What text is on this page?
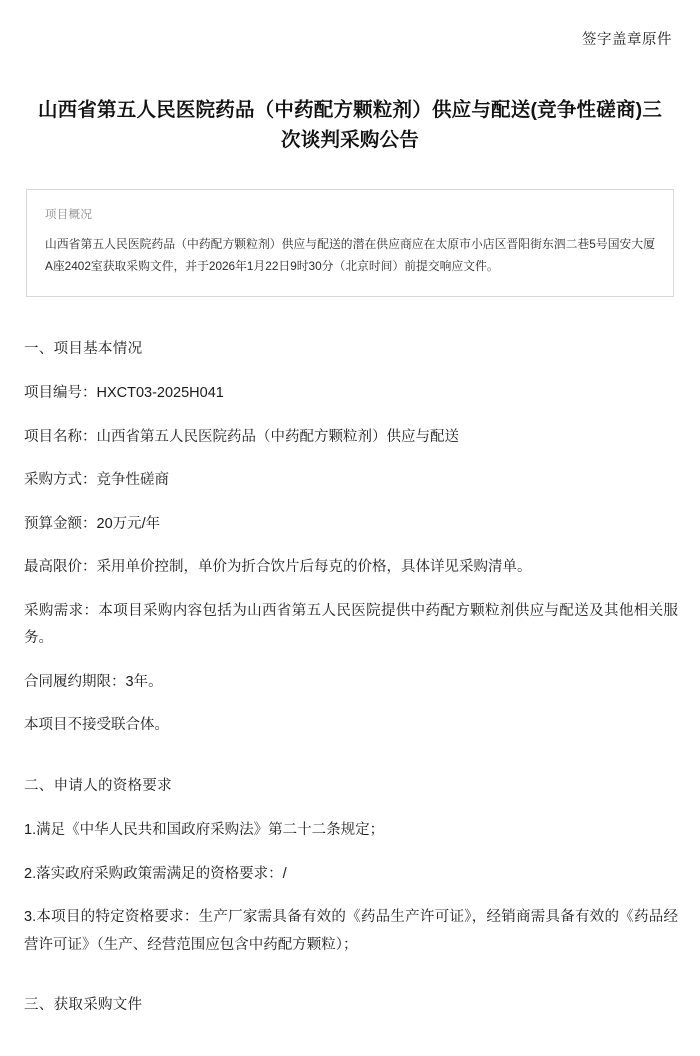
签字盖章原件
山西省第五人民医院药品（中药配方颗粒剂）供应与配送(竞争性磋商)三次谈判采购公告
项目概况
山西省第五人民医院药品（中药配方颗粒剂）供应与配送的潜在供应商应在太原市小店区晋阳街东泗二巷5号国安大厦A座2402室获取采购文件，并于2026年1月22日9时30分（北京时间）前提交响应文件。
一、项目基本情况
项目编号：HXCT03-2025H041
项目名称：山西省第五人民医院药品（中药配方颗粒剂）供应与配送
采购方式：竞争性磋商
预算金额：20万元/年
最高限价：采用单价控制，单价为折合饮片后每克的价格，具体详见采购清单。
采购需求：本项目采购内容包括为山西省第五人民医院提供中药配方颗粒剂供应与配送及其他相关服务。
合同履约期限：3年。
本项目不接受联合体。
二、申请人的资格要求
1.满足《中华人民共和国政府采购法》第二十二条规定；
2.落实政府采购政策需满足的资格要求：/
3.本项目的特定资格要求：生产厂家需具备有效的《药品生产许可证》，经销商需具备有效的《药品经营许可证》（生产、经营范围应包含中药配方颗粒）；
三、获取采购文件
